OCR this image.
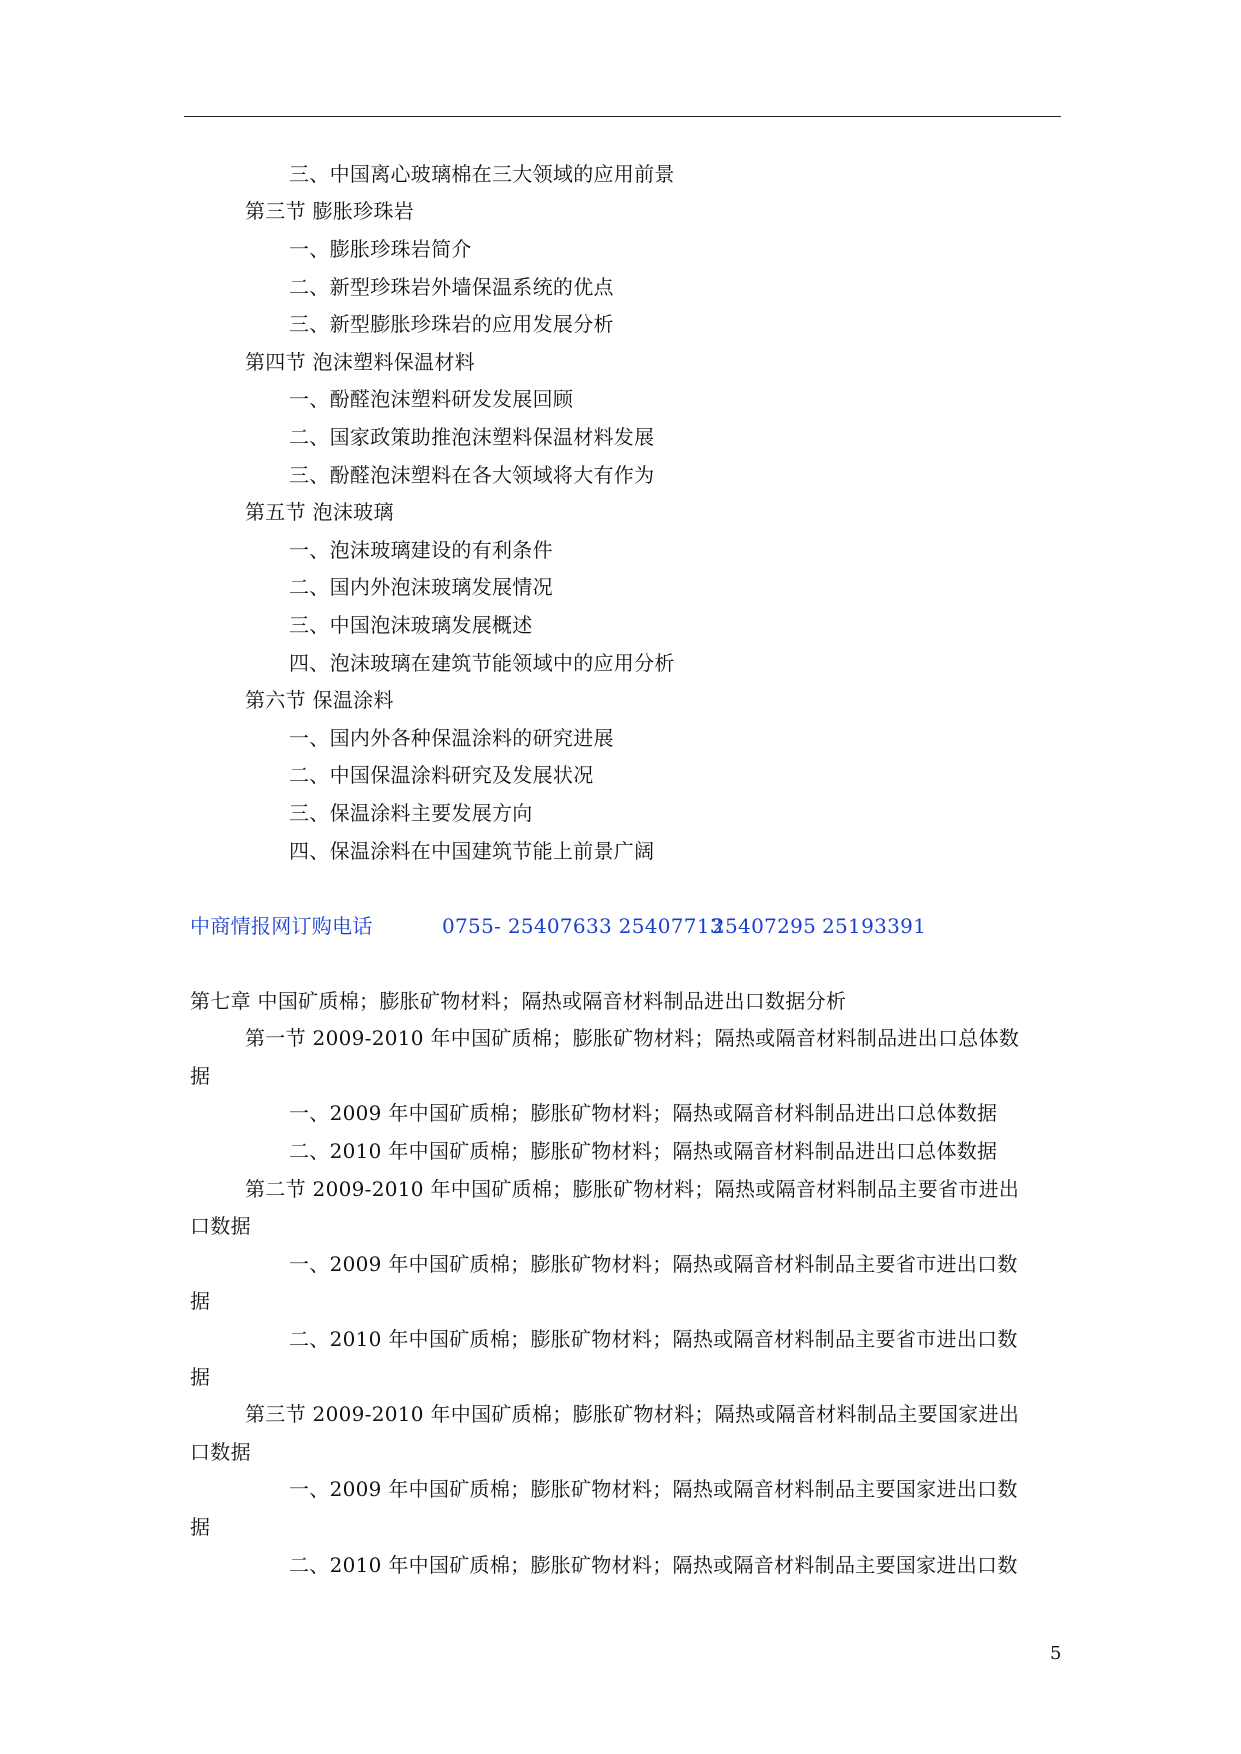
三、中国离心玻璃棉在三大领域的应用前景
第三节 膨胀珍珠岩
一、膨胀珍珠岩简介
二、新型珍珠岩外墙保温系统的优点
三、新型膨胀珍珠岩的应用发展分析
第四节 泡沫塑料保温材料
一、酚醛泡沫塑料研发发展回顾
二、国家政策助推泡沫塑料保温材料发展
三、酚醛泡沫塑料在各大领域将大有作为
第五节 泡沫玻璃
一、泡沫玻璃建设的有利条件
二、国内外泡沫玻璃发展情况
三、中国泡沫玻璃发展概述
四、泡沫玻璃在建筑节能领域中的应用分析
第六节 保温涂料
一、国内外各种保温涂料的研究进展
二、中国保温涂料研究及发展状况
三、保温涂料主要发展方向
四、保温涂料在中国建筑节能上前景广阔
中商情报网订购电话	0755- 25407633 2540771325407295 25193391
第七章 中国矿质棉；膨胀矿物材料；隔热或隔音材料制品进出口数据分析
第一节 2009-2010 年中国矿质棉；膨胀矿物材料；隔热或隔音材料制品进出口总体数
据
一、2009 年中国矿质棉；膨胀矿物材料；隔热或隔音材料制品进出口总体数据
二、2010 年中国矿质棉；膨胀矿物材料；隔热或隔音材料制品进出口总体数据
第二节 2009-2010 年中国矿质棉；膨胀矿物材料；隔热或隔音材料制品主要省市进出
口数据
一、2009 年中国矿质棉；膨胀矿物材料；隔热或隔音材料制品主要省市进出口数
据
二、2010 年中国矿质棉；膨胀矿物材料；隔热或隔音材料制品主要省市进出口数
据
第三节 2009-2010 年中国矿质棉；膨胀矿物材料；隔热或隔音材料制品主要国家进出
口数据
一、2009 年中国矿质棉；膨胀矿物材料；隔热或隔音材料制品主要国家进出口数
据
二、2010 年中国矿质棉；膨胀矿物材料；隔热或隔音材料制品主要国家进出口数
5
